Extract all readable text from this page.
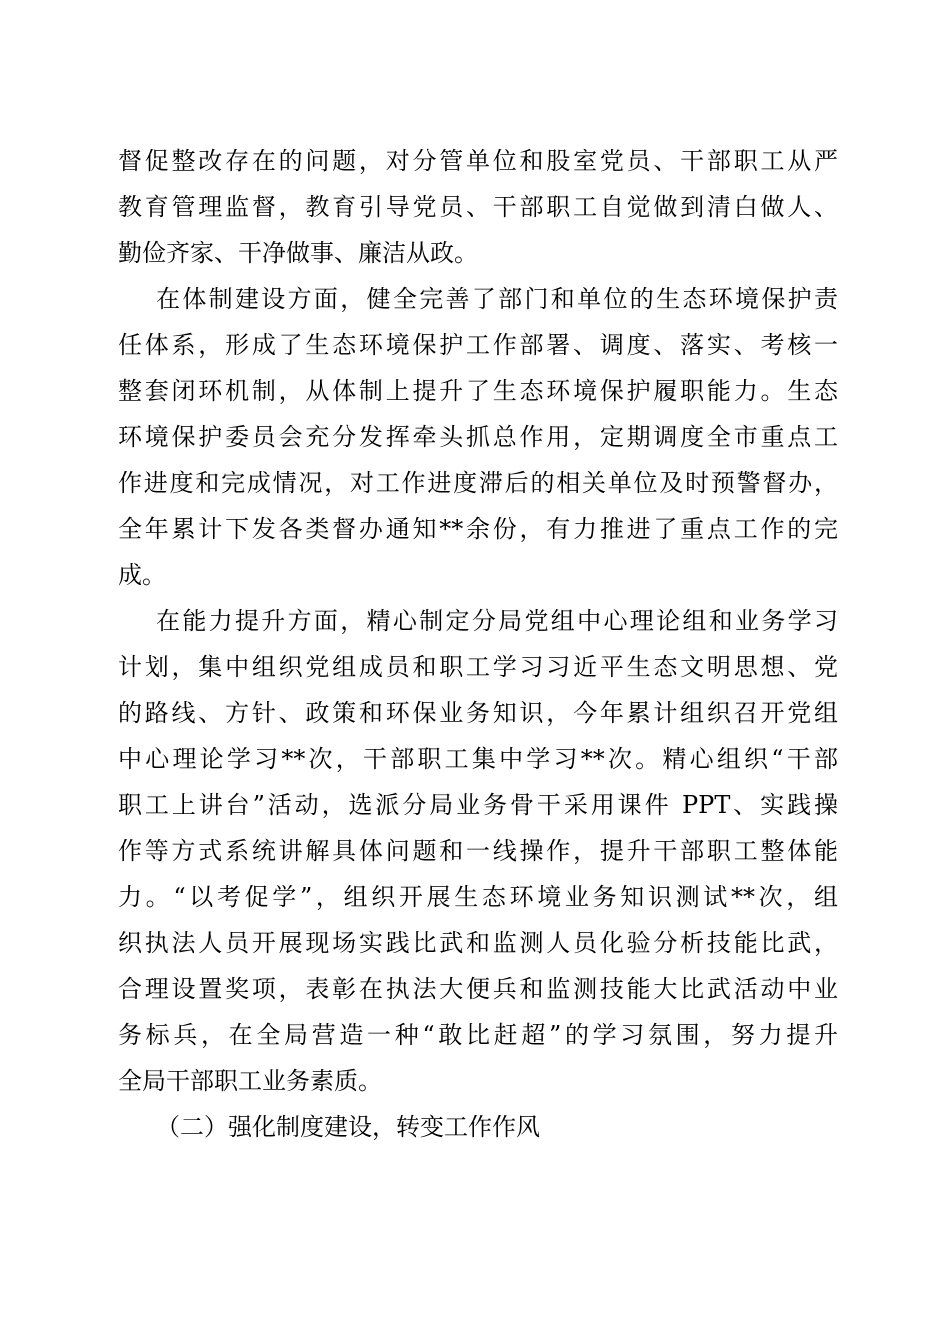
督促整改存在的问题，对分管单位和股室党员、干部职工从严
教育管理监督，教育引导党员、干部职工自觉做到清白做人、
勤俭齐家、干净做事、廉洁从政。
在体制建设方面，健全完善了部门和单位的生态环境保护责
任体系，形成了生态环境保护工作部署、调度、落实、考核一
整套闭环机制，从体制上提升了生态环境保护履职能力。生态
环境保护委员会充分发挥牵头抓总作用，定期调度全市重点工
作进度和完成情况，对工作进度滞后的相关单位及时预警督办，
全年累计下发各类督办通知**余份，有力推进了重点工作的完
成。
在能力提升方面，精心制定分局党组中心理论组和业务学习
计划，集中组织党组成员和职工学习习近平生态文明思想、党
的路线、方针、政策和环保业务知识，今年累计组织召开党组
中心理论学习**次，干部职工集中学习**次。精心组织“干部
职工上讲台”活动，选派分局业务骨干采用课件 PPT、实践操
作等方式系统讲解具体问题和一线操作，提升干部职工整体能
力。“以考促学”，组织开展生态环境业务知识测试**次，组
织执法人员开展现场实践比武和监测人员化验分析技能比武，
合理设置奖项，表彰在执法大便兵和监测技能大比武活动中业
务标兵，在全局营造一种“敢比赶超”的学习氛围，努力提升
全局干部职工业务素质。
（二）强化制度建设，转变工作作风
